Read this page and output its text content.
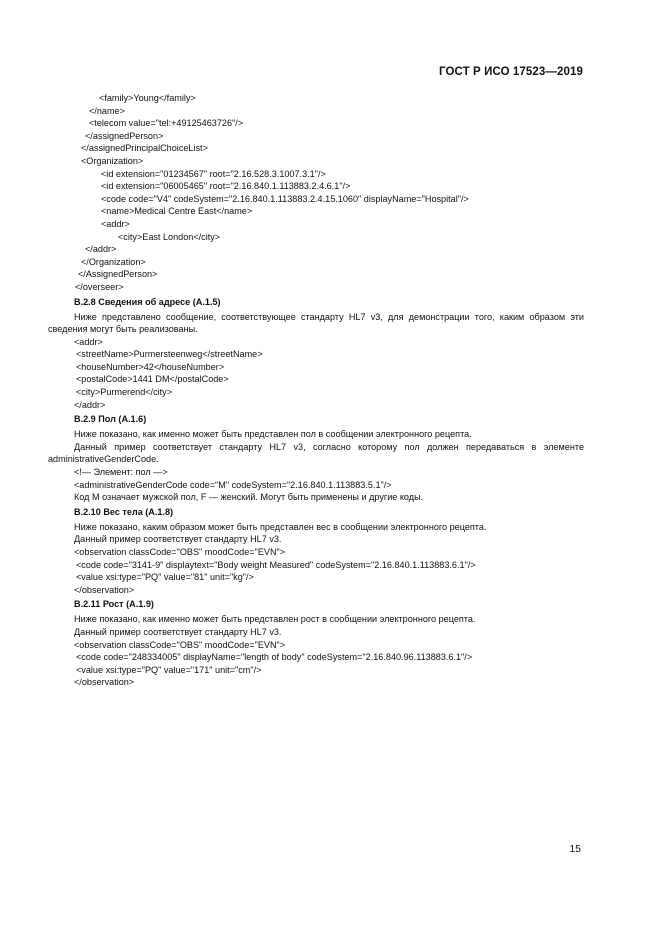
ГОСТ Р ИСО 17523—2019
<family>Young</family>
</name>
<telecom value="tel:+49125463726"/>
</assignedPerson>
</assignedPrincipalChoiceList>
<Organization>
<id extension="01234567" root="2.16.528.3.1007.3.1"/>
<id extension="06005465" root="2.16.840.1.113883.2.4.6.1"/>
<code code="V4" codeSystem="2.16.840.1.113883.2.4.15.1060" displayName="Hospital"/>
<name>Medical Centre East</name>
<addr>
<city>East London</city>
</addr>
</Organization>
</AssignedPerson>
</overseer>
В.2.8 Сведения об адресе (А.1.5)
Ниже представлено сообщение, соответствующее стандарту HL7 v3, для демонстрации того, каким образом эти сведения могут быть реализованы.
<addr>
<streetName>Purmersteenweg</streetName>
<houseNumber>42</houseNumber>
<postalCode>1441 DM</postalCode>
<city>Purmerend</city>
</addr>
В.2.9 Пол (А.1.6)
Ниже показано, как именно может быть представлен пол в сообщении электронного рецепта.
Данный пример соответствует стандарту HL7 v3, согласно которому пол должен передаваться в элементе administrativeGenderCode.
<!— Элемент: пол —>
<administrativeGenderCode code="M" codeSystem="2.16.840.1.113883.5.1"/>
Код M означает мужской пол, F — женский. Могут быть применены и другие коды.
В.2.10 Вес тела (А.1.8)
Ниже показано, каким образом может быть представлен вес в сообщении электронного рецепта.
Данный пример соответствует стандарту HL7 v3.
<observation classCode="OBS" moodCode="EVN">
<code code="3141-9" displaytext="Body weight Measured" codeSystem="2.16.840.1.113883.6.1"/>
<value xsi:type="PQ" value="81" unit="kg"/>
</observation>
В.2.11 Рост (А.1.9)
Ниже показано, как именно может быть представлен рост в сообщении электронного рецепта.
Данный пример соответствует стандарту HL7 v3.
<observation classCode="OBS" moodCode="EVN">
<code code="248334005" displayName="length of body" codeSystem="2.16.840.96.113883.6.1"/>
<value xsi:type="PQ" value="171" unit="cm"/>
</observation>
15
